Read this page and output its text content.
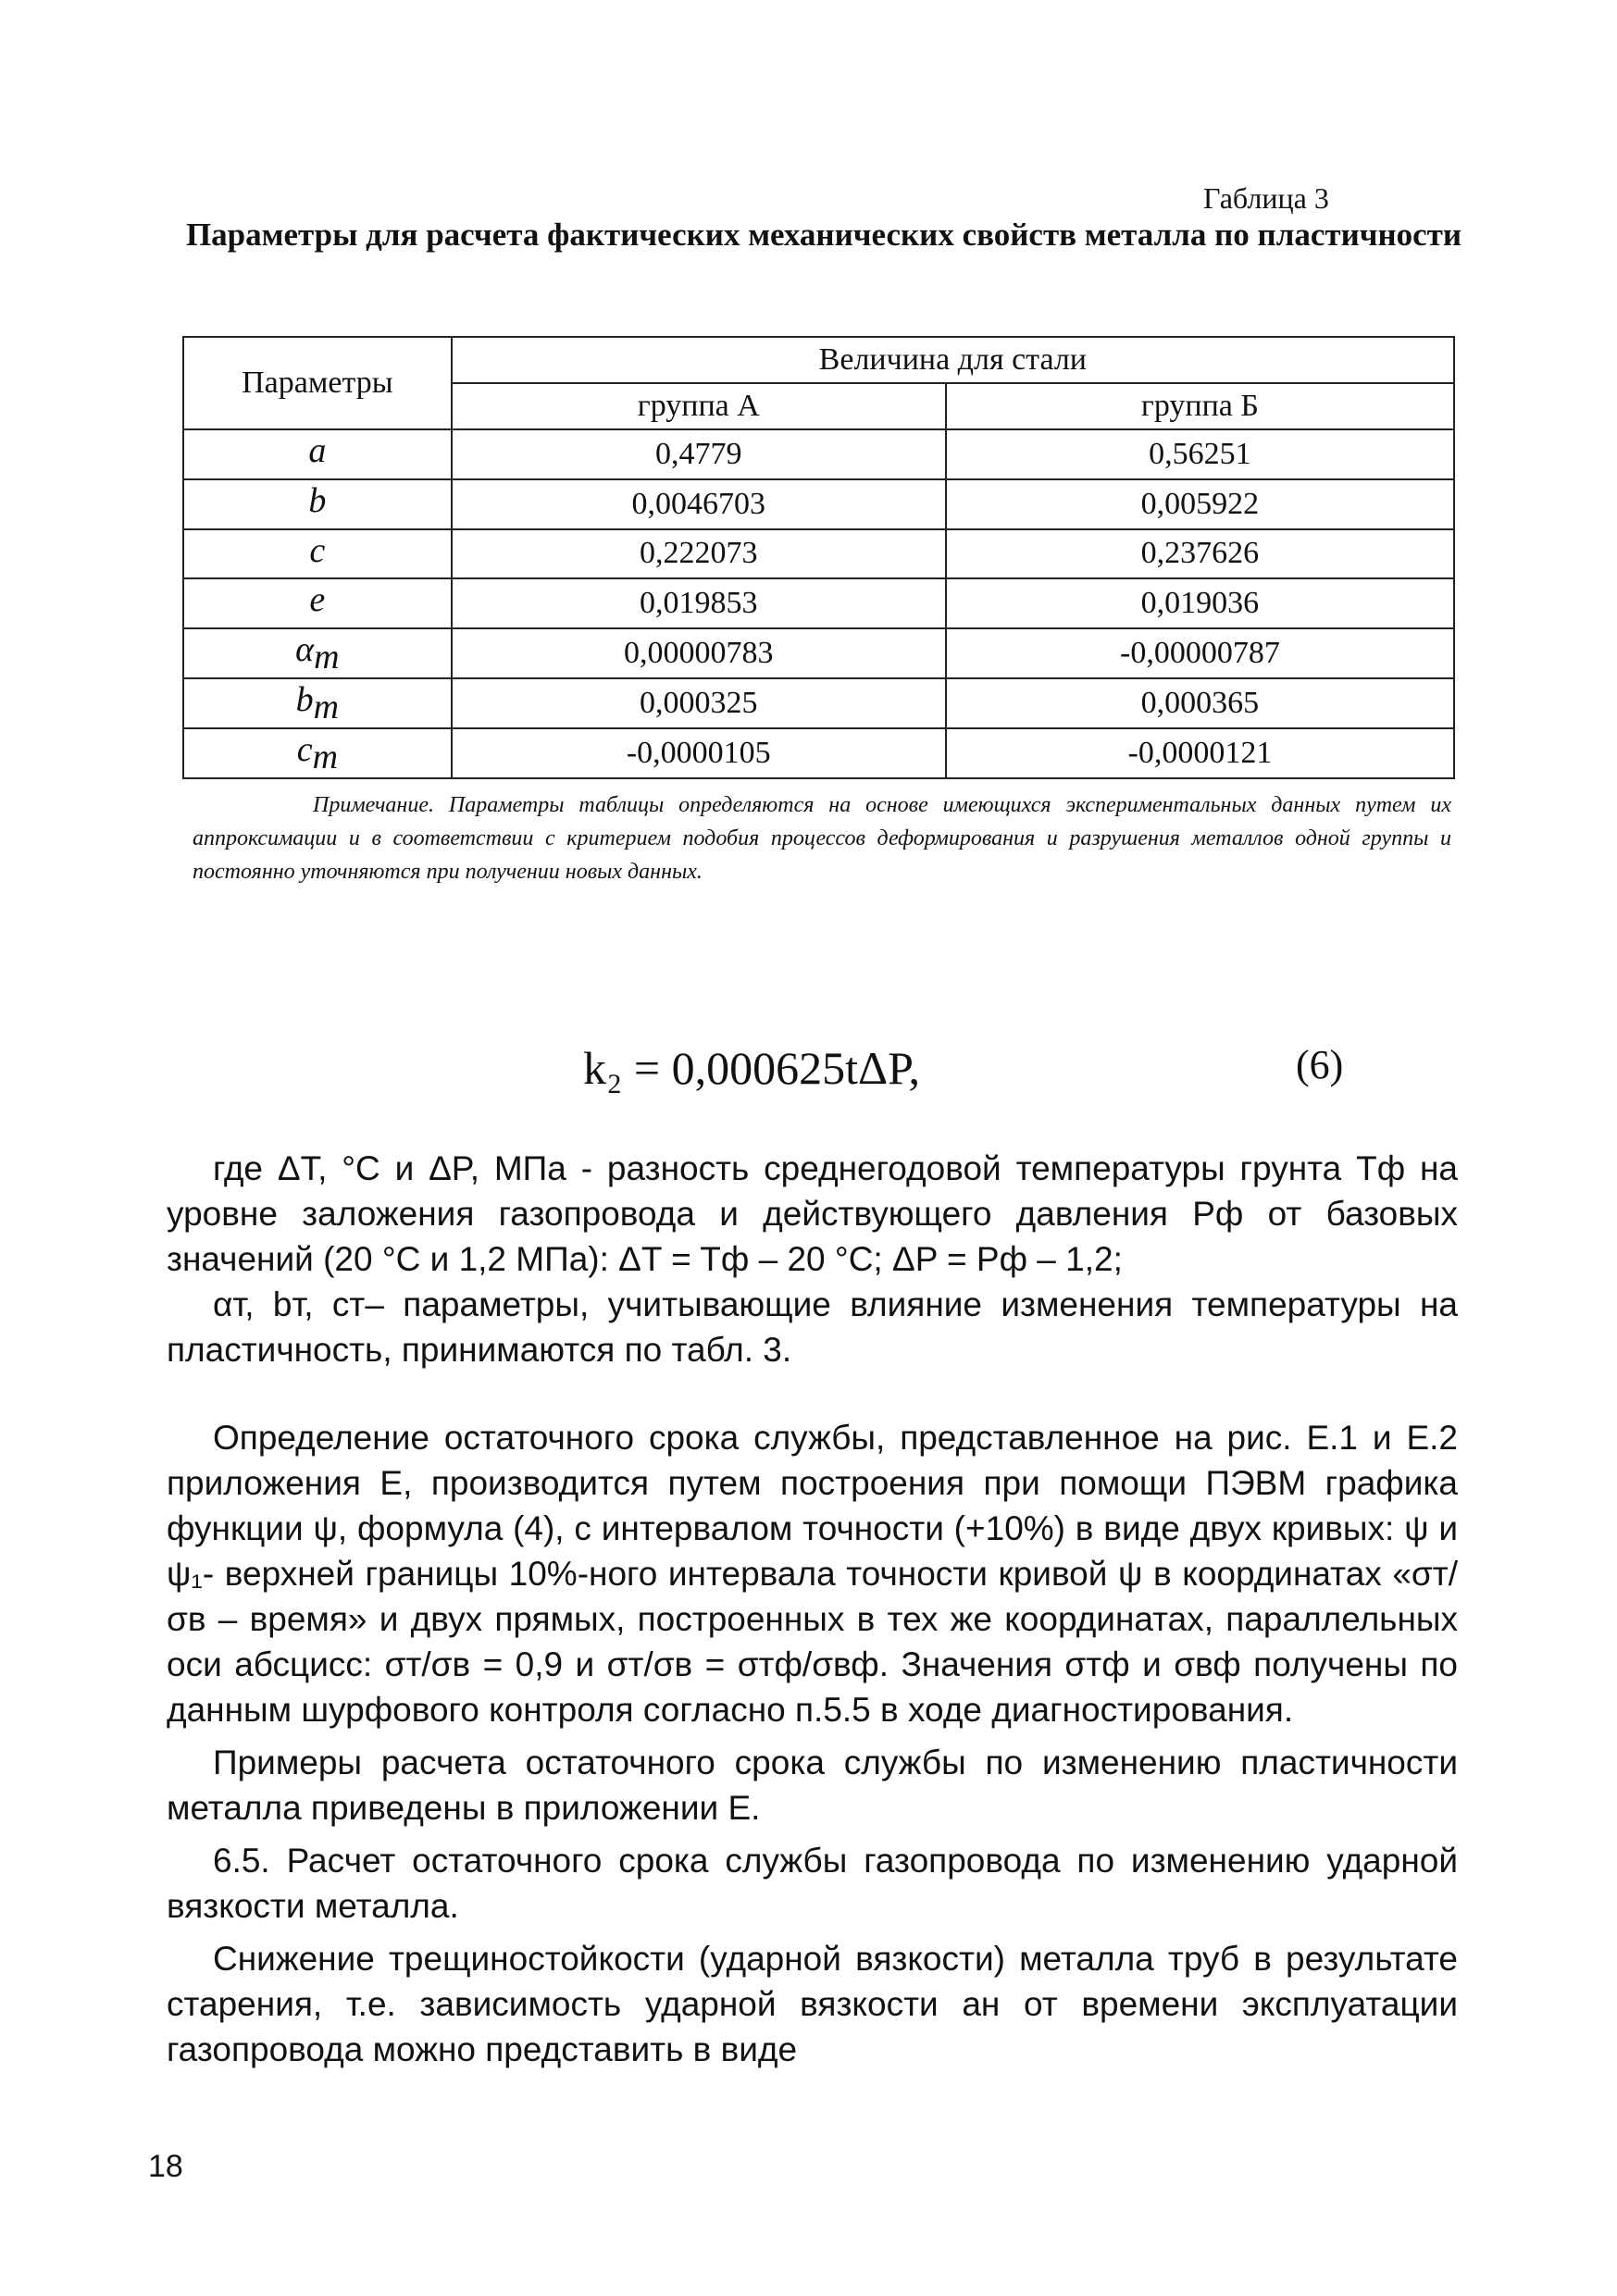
Габлица 3
Параметры для расчета фактических механических свойств металла по пластичности
Параметры	Величина для стали	
	группа А	группа Б
a	0,4779	0,56251
b	0,0046703	0,005922
c	0,222073	0,237626
e	0,019853	0,019036
$\alpha_т$	0,00000783	-0,00000787
$b_т$	0,000325	0,000365
$c_т$	-0,0000105	-0,0000121
Примечание. Параметры таблицы определяются на основе имеющихся экспериментальных данных путем их аппроксимации и в соответствии с критерием подобия процессов деформирования и разрушения металлов одной группы и постоянно уточняются при получении новых данных.
k₂ = 0,000625tΔP,	(6)

где ΔT, °C и ΔP, МПа - разность среднегодовой температуры грунта Tф на уровне заложения газопровода и действующего давления Pф от базовых значений (20 °С и 1,2 МПа): ΔT = Tф – 20 °С; ΔP = Pф – 1,2;

αт, bт, cт– параметры, учитывающие влияние изменения температуры на пластичность, принимаются по табл. 3.

Определение остаточного срока службы, представленное на рис. Е.1 и Е.2 приложения Е, производится путем построения при помощи ПЭВМ графика функции ψ, формула (4), с интервалом точности (+10%) в виде двух кривых: ψ и ψ₁- верхней границы 10%-ного интервала точности кривой ψ в координатах «σт/σв – время» и двух прямых, построенных в тех же координатах, параллельных оси абсцисс: σт/σв = 0,9 и σт/σв = σтф/σвф. Значения σтф и σвф получены по данным шурфового контроля согласно п.5.5 в ходе диагностирования.

Примеры расчета остаточного срока службы по изменению пластичности металла приведены в приложении Е.

6.5. Расчет остаточного срока службы газопровода по изменению ударной вязкости металла.

Снижение трещиностойкости (ударной вязкости) металла труб в результате старения, т.е. зависимость ударной вязкости aн от времени эксплуатации газопровода можно представить в виде

18
